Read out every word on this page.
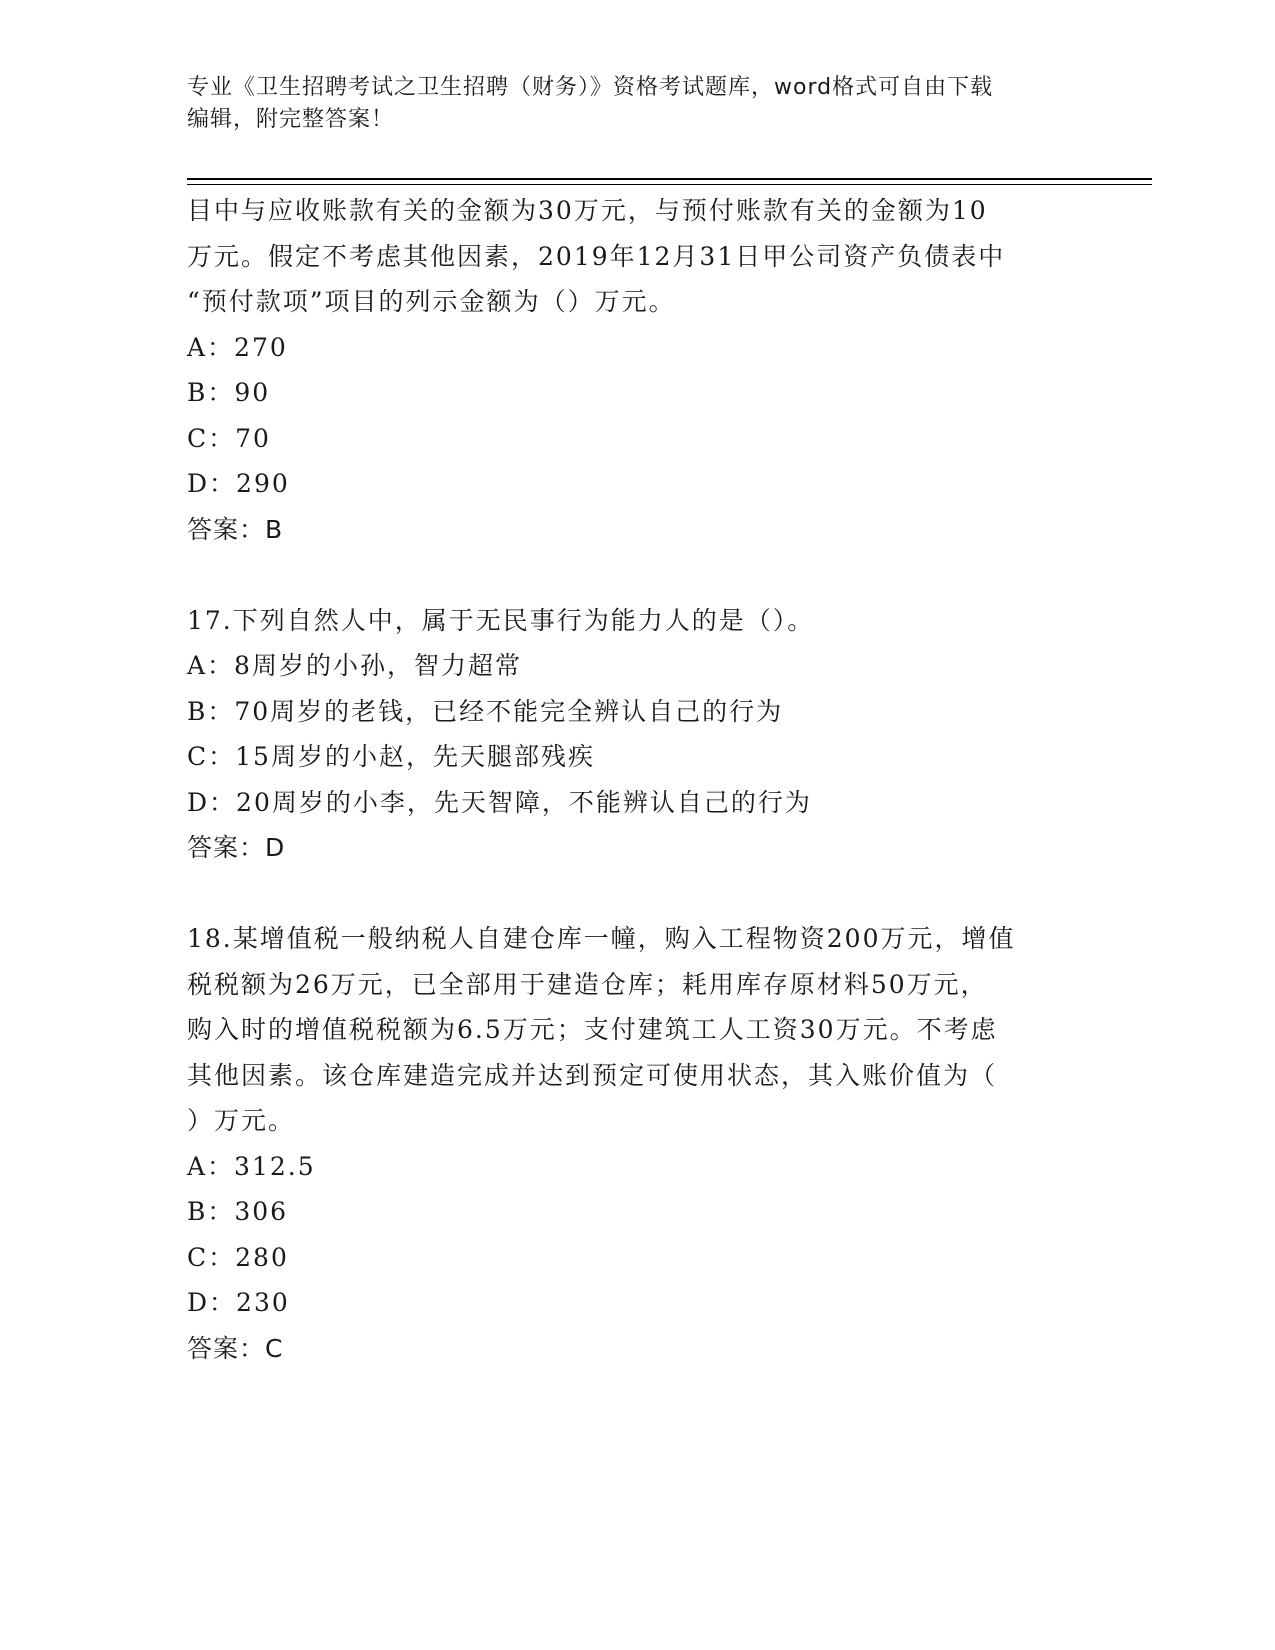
专业《卫生招聘考试之卫生招聘（财务）》资格考试题库，word格式可自由下载
编辑，附完整答案！
目中与应收账款有关的金额为30万元，与预付账款有关的金额为10
万元。假定不考虑其他因素，2019年12月31日甲公司资产负债表中
“预付款项”项目的列示金额为（）万元。
A：270
B：90
C：70
D：290
答案：B
17.下列自然人中，属于无民事行为能力人的是（）。
A：8周岁的小孙，智力超常
B：70周岁的老钱，已经不能完全辨认自己的行为
C：15周岁的小赵，先天腿部残疾
D：20周岁的小李，先天智障，不能辨认自己的行为
答案：D
18.某增值税一般纳税人自建仓库一幢，购入工程物资200万元，增值
税税额为26万元，已全部用于建造仓库；耗用库存原材料50万元，
购入时的增值税税额为6.5万元；支付建筑工人工资30万元。不考虑
其他因素。该仓库建造完成并达到预定可使用状态，其入账价值为（
）万元。
A：312.5
B：306
C：280
D：230
答案：C
